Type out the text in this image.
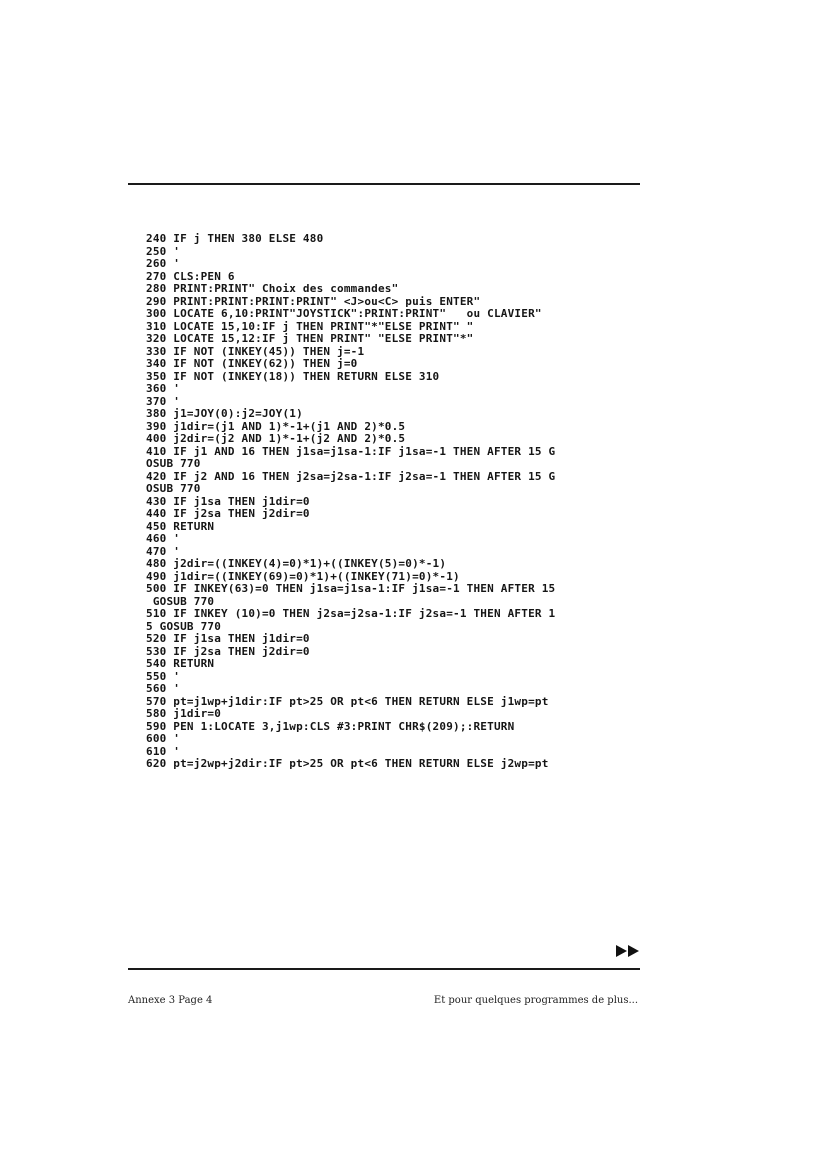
240 IF j THEN 380 ELSE 480
250 '
260 '
270 CLS:PEN 6
280 PRINT:PRINT" Choix des commandes"
290 PRINT:PRINT:PRINT:PRINT" <J>ou<C> puis ENTER"
300 LOCATE 6,10:PRINT"JOYSTICK":PRINT:PRINT"   ou CLAVIER"
310 LOCATE 15,10:IF j THEN PRINT"*"ELSE PRINT" "
320 LOCATE 15,12:IF j THEN PRINT" "ELSE PRINT"*"
330 IF NOT (INKEY(45)) THEN j=-1
340 IF NOT (INKEY(62)) THEN j=0
350 IF NOT (INKEY(18)) THEN RETURN ELSE 310
360 '
370 '
380 j1=JOY(0):j2=JOY(1)
390 j1dir=(j1 AND 1)*-1+(j1 AND 2)*0.5
400 j2dir=(j2 AND 1)*-1+(j2 AND 2)*0.5
410 IF j1 AND 16 THEN j1sa=j1sa-1:IF j1sa=-1 THEN AFTER 15 G
OSUB 770
420 IF j2 AND 16 THEN j2sa=j2sa-1:IF j2sa=-1 THEN AFTER 15 G
OSUB 770
430 IF j1sa THEN j1dir=0
440 IF j2sa THEN j2dir=0
450 RETURN
460 '
470 '
480 j2dir=((INKEY(4)=0)*1)+((INKEY(5)=0)*-1)
490 j1dir=((INKEY(69)=0)*1)+((INKEY(71)=0)*-1)
500 IF INKEY(63)=0 THEN j1sa=j1sa-1:IF j1sa=-1 THEN AFTER 15
GOSUB 770
510 IF INKEY (10)=0 THEN j2sa=j2sa-1:IF j2sa=-1 THEN AFTER 1
5 GOSUB 770
520 IF j1sa THEN j1dir=0
530 IF j2sa THEN j2dir=0
540 RETURN
550 '
560 '
570 pt=j1wp+j1dir:IF pt>25 OR pt<6 THEN RETURN ELSE j1wp=pt
580 j1dir=0
590 PEN 1:LOCATE 3,j1wp:CLS #3:PRINT CHR$(209);:RETURN
600 '
610 '
620 pt=j2wp+j2dir:IF pt>25 OR pt<6 THEN RETURN ELSE j2wp=pt
Annexe 3 Page 4	Et pour quelques programmes de plus...
